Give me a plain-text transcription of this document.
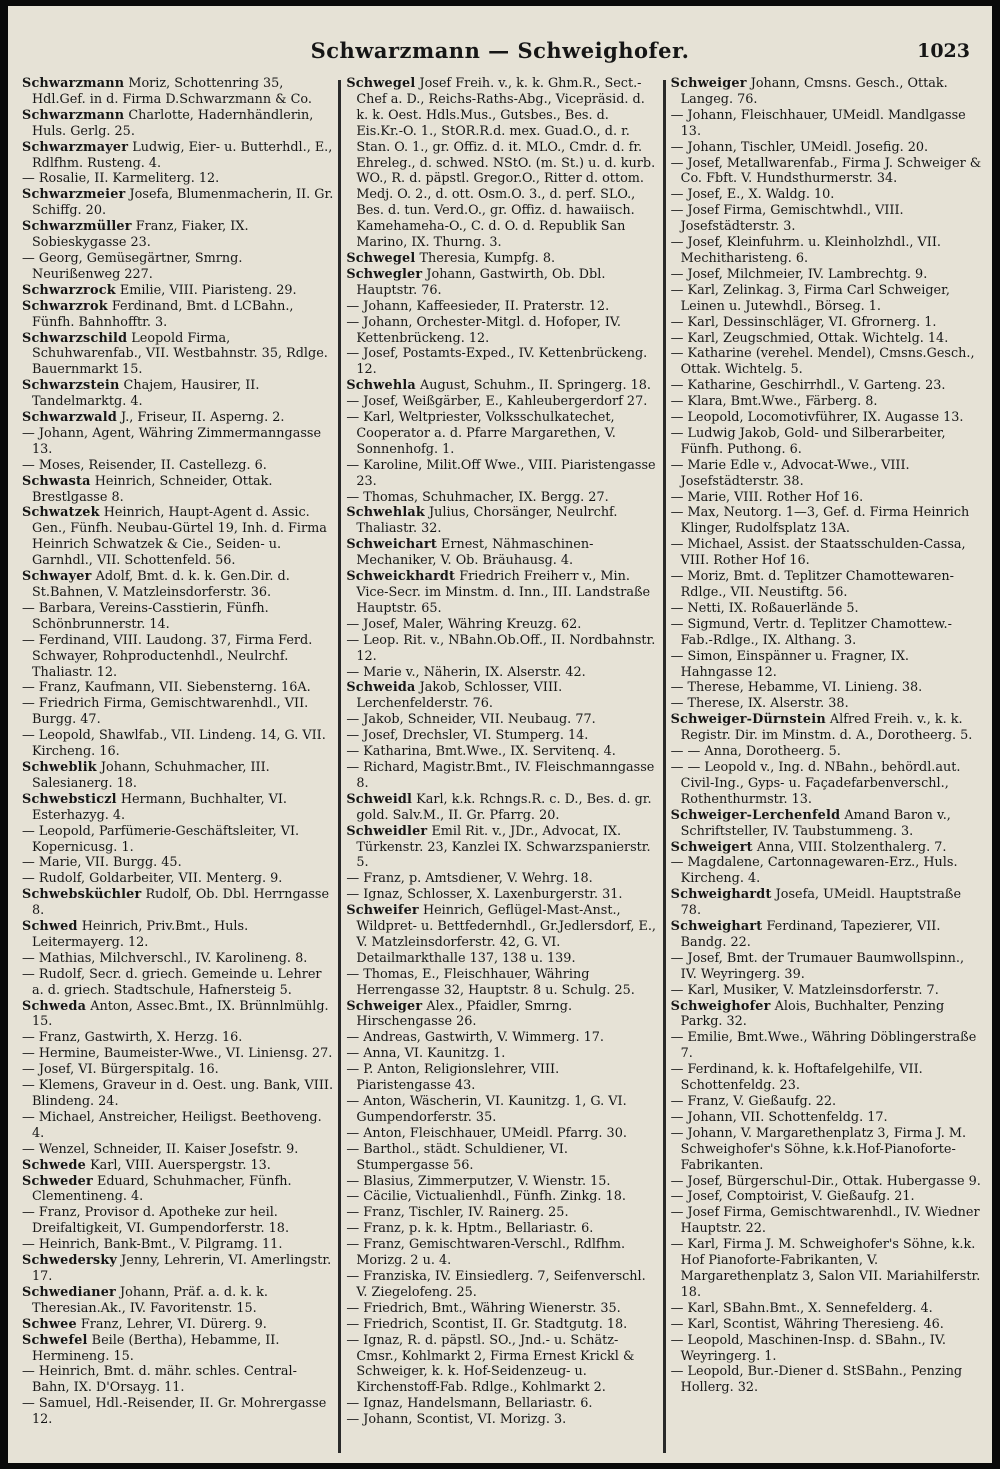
Schwarzmann — Schweighofer.	1023

Schwarzmann Moriz, Schottenring 35, Hdl.Gef. in d. Firma D.Schwarzmann & Co.

Schwarzmann Charlotte, Hadernhändlerin, Huls. Gerlg. 25.

Schwarzmayer Ludwig, Eier- u. Butterhdl., E., Rdlfhm. Rusteng. 4.

— Rosalie, II. Karmeliterg. 12.

Schwarzmeier Josefa, Blumenmacherin, II. Gr. Schiffg. 20.

Schwarzmüller Franz, Fiaker, IX. Sobieskygasse 23.

— Georg, Gemüsegärtner, Smrng. Neurißenweg 227.

Schwarzrock Emilie, VIII. Piaristeng. 29.

Schwarzrok Ferdinand, Bmt. d LCBahn., Fünfh. Bahnhofftr. 3.

Schwarzschild Leopold Firma, Schuhwarenfab., VII. Westbahnstr. 35, Rdlge. Bauernmarkt 15.

Schwarzstein Chajem, Hausirer, II. Tandelmarktg. 4.

Schwarzwald J., Friseur, II. Asperng. 2.

— Johann, Agent, Währing Zimmermanngasse 13.

— Moses, Reisender, II. Castellezg. 6.

Schwasta Heinrich, Schneider, Ottak. Brestlgasse 8.

Schwatzek Heinrich, Haupt-Agent d. Assic. Gen., Fünfh. Neubau-Gürtel 19, Inh. d. Firma Heinrich Schwatzek & Cie., Seiden- u. Garnhdl., VII. Schottenfeld. 56.

Schwayer Adolf, Bmt. d. k. k. Gen.Dir. d. St.Bahnen, V. Matzleinsdorferstr. 36.

— Barbara, Vereins-Casstierin, Fünfh. Schönbrunnerstr. 14.

— Ferdinand, VIII. Laudong. 37, Firma Ferd. Schwayer, Rohproductenhdl., Neulrchf. Thaliastr. 12.

— Franz, Kaufmann, VII. Siebensterng. 16A.

— Friedrich Firma, Gemischtwarenhdl., VII. Burgg. 47.

— Leopold, Shawlfab., VII. Lindeng. 14, G. VII. Kircheng. 16.

Schweblik Johann, Schuhmacher, III. Salesianerg. 18.

Schwebsticzl Hermann, Buchhalter, VI. Esterhazyg. 4.

— Leopold, Parfümerie-Geschäftsleiter, VI. Kopernicusg. 1.

— Marie, VII. Burgg. 45.

— Rudolf, Goldarbeiter, VII. Menterg. 9.

Schwebsküchler Rudolf, Ob. Dbl. Herrngasse 8.

Schwed Heinrich, Priv.Bmt., Huls. Leitermayerg. 12.

— Mathias, Milchverschl., IV. Karolineng. 8.

— Rudolf, Secr. d. griech. Gemeinde u. Lehrer a. d. griech. Stadtschule, Hafnersteig 5.

Schweda Anton, Assec.Bmt., IX. Brünnlmühlg. 15.

— Franz, Gastwirth, X. Herzg. 16.

— Hermine, Baumeister-Wwe., VI. Liniensg. 27.

— Josef, VI. Bürgerspitalg. 16.

— Klemens, Graveur in d. Oest. ung. Bank, VIII. Blindeng. 24.

— Michael, Anstreicher, Heiligst. Beethoveng. 4.

— Wenzel, Schneider, II. Kaiser Josefstr. 9.

Schwede Karl, VIII. Auerspergstr. 13.

Schweder Eduard, Schuhmacher, Fünfh. Clementineng. 4.

— Franz, Provisor d. Apotheke zur heil. Dreifaltigkeit, VI. Gumpendorferstr. 18.

— Heinrich, Bank-Bmt., V. Pilgramg. 11.

Schwedersky Jenny, Lehrerin, VI. Amerlingstr. 17.

Schwedianer Johann, Präf. a. d. k. k. Theresian.Ak., IV. Favoritenstr. 15.

Schwee Franz, Lehrer, VI. Dürerg. 9.

Schwefel Beile (Bertha), Hebamme, II. Hermineng. 15.

— Heinrich, Bmt. d. mähr. schles. Central-Bahn, IX. D'Orsayg. 11.

— Samuel, Hdl.-Reisender, II. Gr. Mohrergasse 12.

Schwegel Josef Freih. v., k. k. Ghm.R., Sect.-Chef a. D., Reichs-Raths-Abg., Vicepräsid. d. k. k. Oest. Hdls.Mus., Gutsbes., Bes. d. Eis.Kr.-O. 1., StOR.R.d. mex. Guad.O., d. r. Stan. O. 1., gr. Offiz. d. it. MLO., Cmdr. d. fr. Ehreleg., d. schwed. NStO. (m. St.) u. d. kurb. WO., R. d. päpstl. Gregor.O., Ritter d. ottom. Medj. O. 2., d. ott. Osm.O. 3., d. perf. SLO., Bes. d. tun. Verd.O., gr. Offiz. d. hawaiisch. Kamehameha-O., C. d. O. d. Republik San Marino, IX. Thurng. 3.

Schwegel Theresia, Kumpfg. 8.

Schwegler Johann, Gastwirth, Ob. Dbl. Hauptstr. 76.

— Johann, Kaffeesieder, II. Praterstr. 12.

— Johann, Orchester-Mitgl. d. Hofoper, IV. Kettenbrückeng. 12.

— Josef, Postamts-Exped., IV. Kettenbrückeng. 12.

Schwehla August, Schuhm., II. Springerg. 18.

— Josef, Weißgärber, E., Kahleubergerdorf 27.

— Karl, Weltpriester, Volksschulkatechet, Cooperator a. d. Pfarre Margarethen, V. Sonnenhofg. 1.

— Karoline, Milit.Off Wwe., VIII. Piaristengasse 23.

— Thomas, Schuhmacher, IX. Bergg. 27.

Schwehlak Julius, Chorsänger, Neulrchf. Thaliastr. 32.

Schweichart Ernest, Nähmaschinen-Mechaniker, V. Ob. Bräuhausg. 4.

Schweickhardt Friedrich Freiherr v., Min. Vice-Secr. im Minstm. d. Inn., III. Landstraße Hauptstr. 65.

— Josef, Maler, Währing Kreuzg. 62.

— Leop. Rit. v., NBahn.Ob.Off., II. Nordbahnstr. 12.

— Marie v., Näherin, IX. Alserstr. 42.

Schweida Jakob, Schlosser, VIII. Lerchenfelderstr. 76.

— Jakob, Schneider, VII. Neubaug. 77.

— Josef, Drechsler, VI. Stumperg. 14.

— Katharina, Bmt.Wwe., IX. Servitenq. 4.

— Richard, Magistr.Bmt., IV. Fleischmanngasse 8.

Schweidl Karl, k.k. Rchngs.R. c. D., Bes. d. gr. gold. Salv.M., II. Gr. Pfarrg. 20.

Schweidler Emil Rit. v., JDr., Advocat, IX. Türkenstr. 23, Kanzlei IX. Schwarzspanierstr. 5.

— Franz, p. Amtsdiener, V. Wehrg. 18.

— Ignaz, Schlosser, X. Laxenburgerstr. 31.

Schweifer Heinrich, Geflügel-Mast-Anst., Wildpret- u. Bettfedernhdl., Gr.Jedlersdorf, E., V. Matzleinsdorferstr. 42, G. VI. Detailmarkthalle 137, 138 u. 139.

— Thomas, E., Fleischhauer, Währing Herrengasse 32, Hauptstr. 8 u. Schulg. 25.

Schweiger Alex., Pfaidler, Smrng. Hirschengasse 26.

— Andreas, Gastwirth, V. Wimmerg. 17.

— Anna, VI. Kaunitzg. 1.

— P. Anton, Religionslehrer, VIII. Piaristengasse 43.

— Anton, Wäscherin, VI. Kaunitzg. 1, G. VI. Gumpendorferstr. 35.

— Anton, Fleischhauer, UMeidl. Pfarrg. 30.

— Barthol., städt. Schuldiener, VI. Stumpergasse 56.

— Blasius, Zimmerputzer, V. Wienstr. 15.

— Cäcilie, Victualienhdl., Fünfh. Zinkg. 18.

— Franz, Tischler, IV. Rainerg. 25.

— Franz, p. k. k. Hptm., Bellariastr. 6.

— Franz, Gemischtwaren-Verschl., Rdlfhm. Morizg. 2 u. 4.

— Franziska, IV. Einsiedlerg. 7, Seifenverschl. V. Ziegelofeng. 25.

— Friedrich, Bmt., Währing Wienerstr. 35.

— Friedrich, Scontist, II. Gr. Stadtgutg. 18.

— Ignaz, R. d. päpstl. SO., Jnd.- u. Schätz-Cmsr., Kohlmarkt 2, Firma Ernest Krickl & Schweiger, k. k. Hof-Seidenzeug- u. Kirchenstoff-Fab. Rdlge., Kohlmarkt 2.

— Ignaz, Handelsmann, Bellariastr. 6.

— Johann, Scontist, VI. Morizg. 3.

Schweiger Johann, Cmsns. Gesch., Ottak. Langeg. 76.

— Johann, Fleischhauer, UMeidl. Mandlgasse 13.

— Johann, Tischler, UMeidl. Josefig. 20.

— Josef, Metallwarenfab., Firma J. Schweiger & Co. Fbft. V. Hundsthurmerstr. 34.

— Josef, E., X. Waldg. 10.

— Josef Firma, Gemischtwhdl., VIII. Josefstädterstr. 3.

— Josef, Kleinfuhrm. u. Kleinholzhdl., VII. Mechitharisteng. 6.

— Josef, Milchmeier, IV. Lambrechtg. 9.

— Karl, Zelinkag. 3, Firma Carl Schweiger, Leinen u. Jutewhdl., Börseg. 1.

— Karl, Dessinschläger, VI. Gfrornerg. 1.

— Karl, Zeugschmied, Ottak. Wichtelg. 14.

— Katharine (verehel. Mendel), Cmsns.Gesch., Ottak. Wichtelg. 5.

— Katharine, Geschirrhdl., V. Garteng. 23.

— Klara, Bmt.Wwe., Färberg. 8.

— Leopold, Locomotivführer, IX. Augasse 13.

— Ludwig Jakob, Gold- und Silberarbeiter, Fünfh. Puthong. 6.

— Marie Edle v., Advocat-Wwe., VIII. Josefstädterstr. 38.

— Marie, VIII. Rother Hof 16.

— Max, Neutorg. 1—3, Gef. d. Firma Heinrich Klinger, Rudolfsplatz 13A.

— Michael, Assist. der Staatsschulden-Cassa, VIII. Rother Hof 16.

— Moriz, Bmt. d. Teplitzer Chamottewaren-Rdlge., VII. Neustiftg. 56.

— Netti, IX. Roßauerlände 5.

— Sigmund, Vertr. d. Teplitzer Chamottew.-Fab.-Rdlge., IX. Althang. 3.

— Simon, Einspänner u. Fragner, IX. Hahngasse 12.

— Therese, Hebamme, VI. Linieng. 38.

— Therese, IX. Alserstr. 38.

Schweiger-Dürnstein Alfred Freih. v., k. k. Registr. Dir. im Minstm. d. A., Dorotheerg. 5.

— — Anna, Dorotheerg. 5.

— — Leopold v., Ing. d. NBahn., behördl.aut. Civil-Ing., Gyps- u. Façadefarbenverschl., Rothenthurmstr. 13.

Schweiger-Lerchenfeld Amand Baron v., Schriftsteller, IV. Taubstummeng. 3.

Schweigert Anna, VIII. Stolzenthalerg. 7.

— Magdalene, Cartonnagewaren-Erz., Huls. Kircheng. 4.

Schweighardt Josefa, UMeidl. Hauptstraße 78.

Schweighart Ferdinand, Tapezierer, VII. Bandg. 22.

— Josef, Bmt. der Trumauer Baumwollspinn., IV. Weyringerg. 39.

— Karl, Musiker, V. Matzleinsdorferstr. 7.

Schweighofer Alois, Buchhalter, Penzing Parkg. 32.

— Emilie, Bmt.Wwe., Währing Döblingerstraße 7.

— Ferdinand, k. k. Hoftafelgehilfe, VII. Schottenfeldg. 23.

— Franz, V. Gießaufg. 22.

— Johann, VII. Schottenfeldg. 17.

— Johann, V. Margarethenplatz 3, Firma J. M. Schweighofer's Söhne, k.k.Hof-Pianoforte-Fabrikanten.

— Josef, Bürgerschul-Dir., Ottak. Hubergasse 9.

— Josef, Comptoirist, V. Gießaufg. 21.

— Josef Firma, Gemischtwarenhdl., IV. Wiedner Hauptstr. 22.

— Karl, Firma J. M. Schweighofer's Söhne, k.k. Hof Pianoforte-Fabrikanten, V. Margarethenplatz 3, Salon VII. Mariahilferstr. 18.

— Karl, SBahn.Bmt., X. Sennefelderg. 4.

— Karl, Scontist, Währing Theresieng. 46.

— Leopold, Maschinen-Insp. d. SBahn., IV. Weyringerg. 1.

— Leopold, Bur.-Diener d. StSBahn., Penzing Hollerg. 32.
